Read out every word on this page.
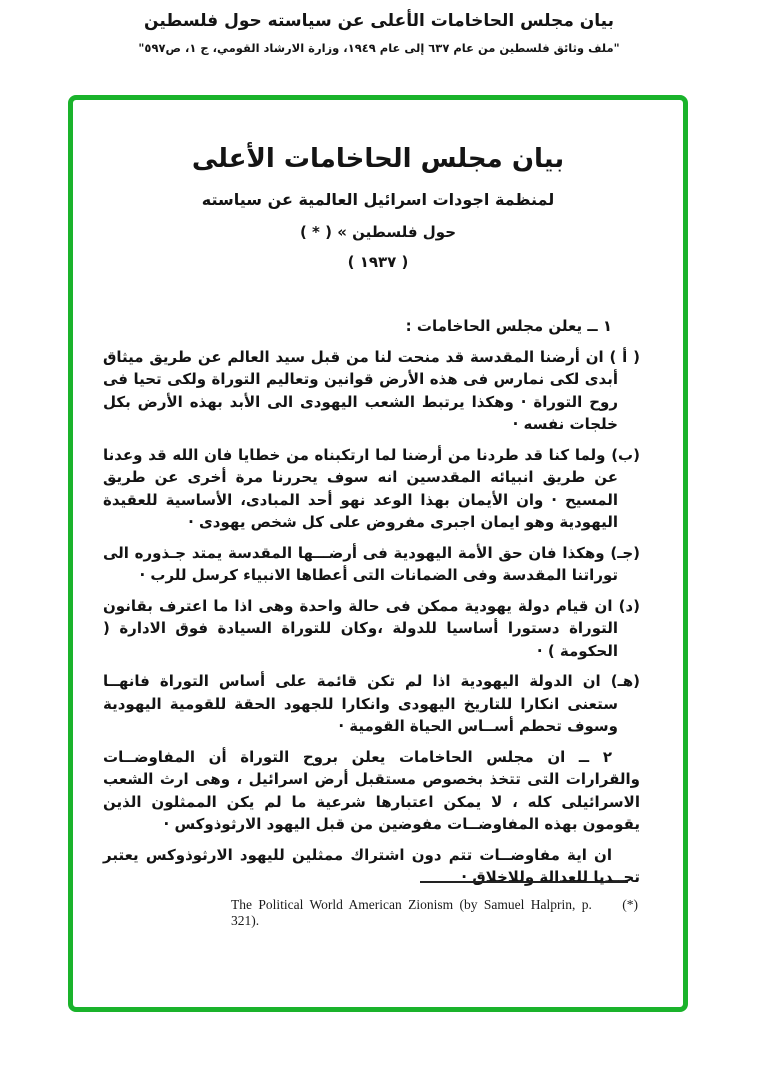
بيان مجلس الحاخامات الأعلى عن سياسته حول فلسطين
"ملف وثائق فلسطين من عام ٦٣٧ إلى عام ١٩٤٩، وزارة الارشاد القومي، ج ١، ص٥٩٧"
بيان مجلس الحاخامات الأعلى
لمنظمة اجودات اسرائيل العالمية عن سياسته
حول فلسطين » ( * )
( ١٩٣٧ )

١ ــ يعلن مجلس الحاخامات :

( أ ) ان أرضنا المقدسة قد منحت لنا من قبل سيد العالم عن طريق ميثاق أبدى لكى نمارس فى هذه الأرض قوانين وتعاليم التوراة ولكى تحيا فى روح التوراة · وهكذا يرتبط الشعب اليهودى الى الأبد بهذه الأرض بكل خلجات نفسه ·

(ب) ولما كنا قد طردنا من أرضنا لما ارتكبناه من خطايا فان الله قد وعدنا عن طريق انبيائه المقدسين انه سوف يحررنا مرة أخرى عن طريق المسيح · وان الأيمان بهذا الوعد نهو أحد المبادى، الأساسية للعقيدة اليهودية وهو ايمان اجبرى مفروض على كل شخص يهودى ·

(جـ) وهكذا فان حق الأمة اليهودية فى أرضـــها المقدسة يمتد جـذوره الى توراتنا المقدسة وفى الضمانات التى أعطاها الانبياء كرسل للرب ·

(د) ان قيام دولة يهودية ممكن فى حالة واحدة وهى اذا ما اعترف بقانون التوراة دستورا أساسيا للدولة ،وكان للتوراة السيادة فوق الادارة ( الحكومة ) ·

(هـ) ان الدولة اليهودية اذا لم تكن قائمة على أساس التوراة فانهــا ستعنى انكارا للتاريخ اليهودى وانكارا للجهود الحقة للقومية اليهودية وسوف تحطم أســاس الحياة القومية ·

٢ ــ ان مجلس الحاخامات يعلن بروح التوراة أن المفاوضــات والقرارات التى تتخذ بخصوص مستقبل أرض اسرائيل ، وهى ارث الشعب الاسرائيلى كله ، لا يمكن اعتبارها شرعية ما لم يكن الممثلون الذين يقومون بهذه المفاوضــات مفوضين من قبل اليهود الارثوذوكس ·

ان اية مفاوضــات تتم دون اشتراك ممثلين لليهود الارثوذوكس يعتبر تحــديا للعدالة وللاخلاق ·

The Political World American Zionism (by Samuel Halprin, p. 321).
(*)
